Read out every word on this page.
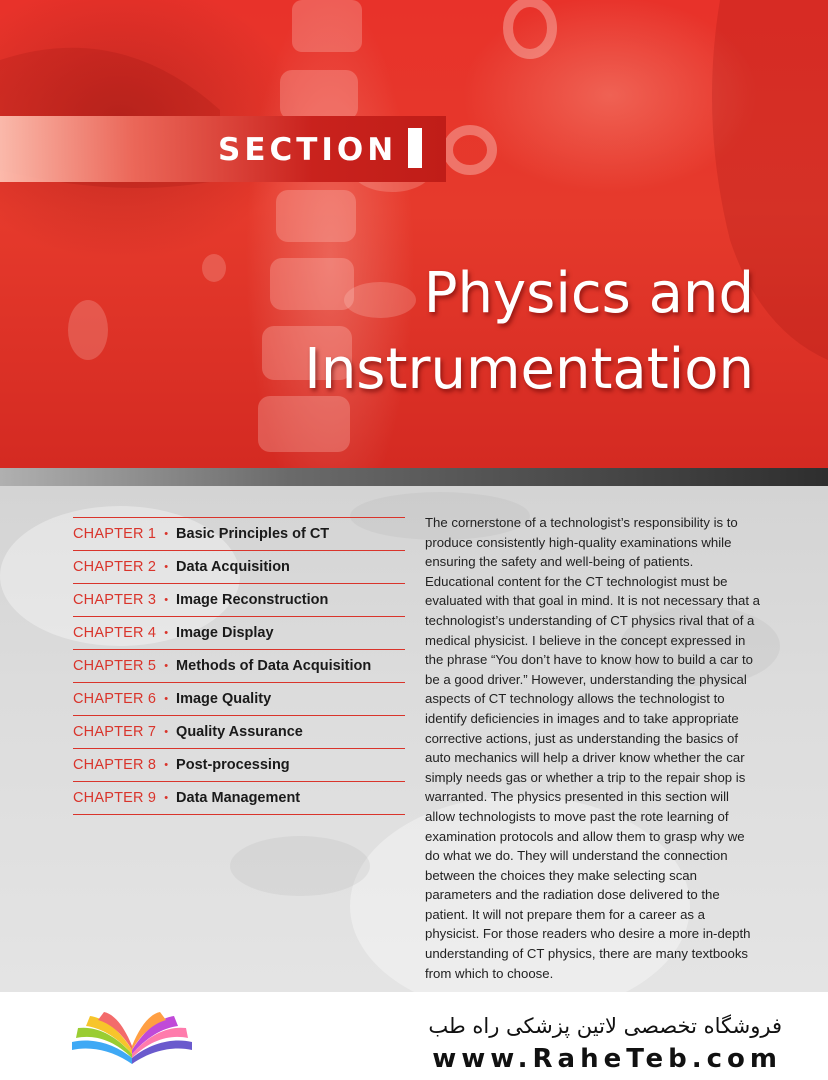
SECTION
Physics and
Instrumentation
CHAPTER 1 • Basic Principles of CT
CHAPTER 2 • Data Acquisition
CHAPTER 3 • Image Reconstruction
CHAPTER 4 • Image Display
CHAPTER 5 • Methods of Data Acquisition
CHAPTER 6 • Image Quality
CHAPTER 7 • Quality Assurance
CHAPTER 8 • Post-processing
CHAPTER 9 • Data Management

The cornerstone of a technologist’s responsibility is to produce consistently high-quality examinations while ensuring the safety and well-being of patients. Educational content for the CT technologist must be evaluated with that goal in mind. It is not necessary that a technologist’s understanding of CT physics rival that of a medical physicist. I believe in the concept expressed in the phrase “You don’t have to know how to build a car to be a good driver.” However, understanding the physical aspects of CT technology allows the technologist to identify deficiencies in images and to take appropriate corrective actions, just as understanding the basics of auto mechanics will help a driver know whether the car simply needs gas or whether a trip to the repair shop is warranted. The physics presented in this section will allow technologists to move past the rote learning of examination protocols and allow them to grasp why we do what we do. They will understand the connection between the choices they make selecting scan parameters and the radiation dose delivered to the patient. It will not prepare them for a career as a physicist. For those readers who desire a more in-depth understanding of CT physics, there are many textbooks from which to choose.

فروشگاه تخصصی لاتین پزشکی راه طب
www.RaheTeb.com
